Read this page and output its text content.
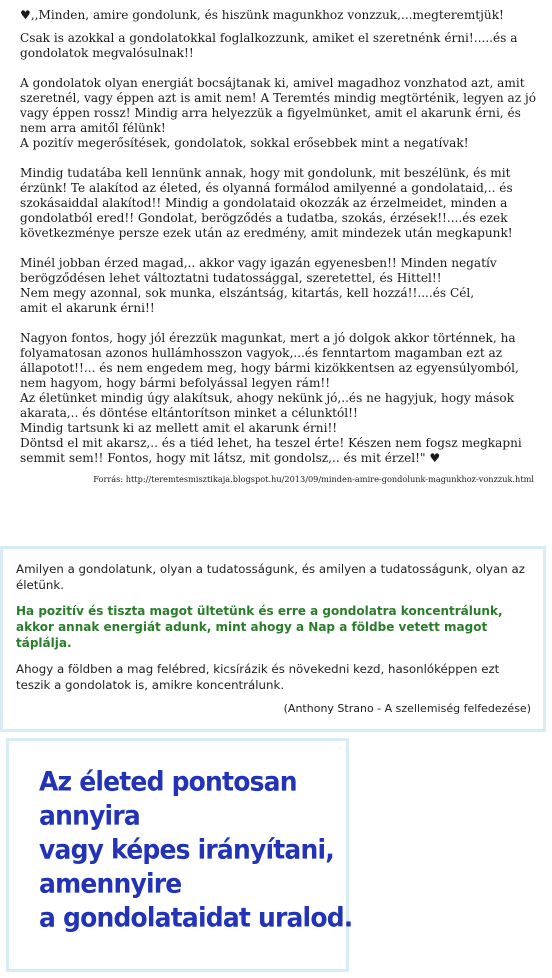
♥,,Minden, amire gondolunk, és hiszünk magunkhoz vonzzuk,...megteremtjük!

Csak is azokkal a gondolatokkal foglalkozzunk, amiket el szeretnénk érni!.....és a gondolatok megvalósulnak!!

A gondolatok olyan energiát bocsájtanak ki, amivel magadhoz vonzhatod azt, amit szeretnél, vagy éppen azt is amit nem! A Teremtés mindig megtörténik, legyen az jó vagy éppen rossz! Mindig arra helyezzük a figyelmünket, amit el akarunk érni, és nem arra amitől félünk!
A pozitív megerősítések, gondolatok, sokkal erősebbek mint a negatívak!

Mindig tudatába kell lennünk annak, hogy mit gondolunk, mit beszélünk, és mit érzünk! Te alakítod az életed, és olyanná formálod amilyenné a gondolataid,.. és szokásaiddal alakítod!! Mindig a gondolataid okozzák az érzelmeidet, minden a gondolatból ered!! Gondolat, berögződés a tudatba, szokás, érzések!!....és ezek következménye persze ezek után az eredmény, amit mindezek után megkapunk!

Minél jobban érzed magad,.. akkor vagy igazán egyenesben!! Minden negatív berögződésen lehet változtatni tudatossággal, szeretettel, és Hittel!!
Nem megy azonnal, sok munka, elszántság, kitartás, kell hozzá!!....és Cél,
amit el akarunk érni!!

Nagyon fontos, hogy jól érezzük magunkat, mert a jó dolgok akkor történnek, ha folyamatosan azonos hullámhosszon vagyok,...és fenntartom magamban ezt az állapotot!!... és nem engedem meg, hogy bármi kizökkentsen az egyensúlyomból, nem hagyom, hogy bármi befolyással legyen rám!!
Az életünket mindig úgy alakítsuk, ahogy nekünk jó,..és ne hagyjuk, hogy mások akarata,.. és döntése eltántorítson minket a célunktól!!
Mindig tartsunk ki az mellett amit el akarunk érni!!
Döntsd el mit akarsz,.. és a tiéd lehet, ha teszel érte! Készen nem fogsz megkapni semmit sem!! Fontos, hogy mit látsz, mit gondolsz,.. és mit érzel!" ♥

Forrás: http://teremtesmisztikaja.blogspot.hu/2013/09/minden-amire-gondolunk-magunkhoz-vonzzuk.html

Amilyen a gondolatunk, olyan a tudatosságunk, és amilyen a tudatosságunk, olyan az életünk.

Ha pozitív és tiszta magot ültetünk és erre a gondolatra koncentrálunk, akkor annak energiát adunk, mint ahogy a Nap a földbe vetett magot táplálja.

Ahogy a földben a mag felébred, kicsírázik és növekedni kezd, hasonlóképpen ezt teszik a gondolatok is, amikre koncentrálunk.

(Anthony Strano - A szellemiség felfedezése)
Az életed pontosan
annyira
vagy képes irányítani,
amennyire
a gondolataidat uralod.
